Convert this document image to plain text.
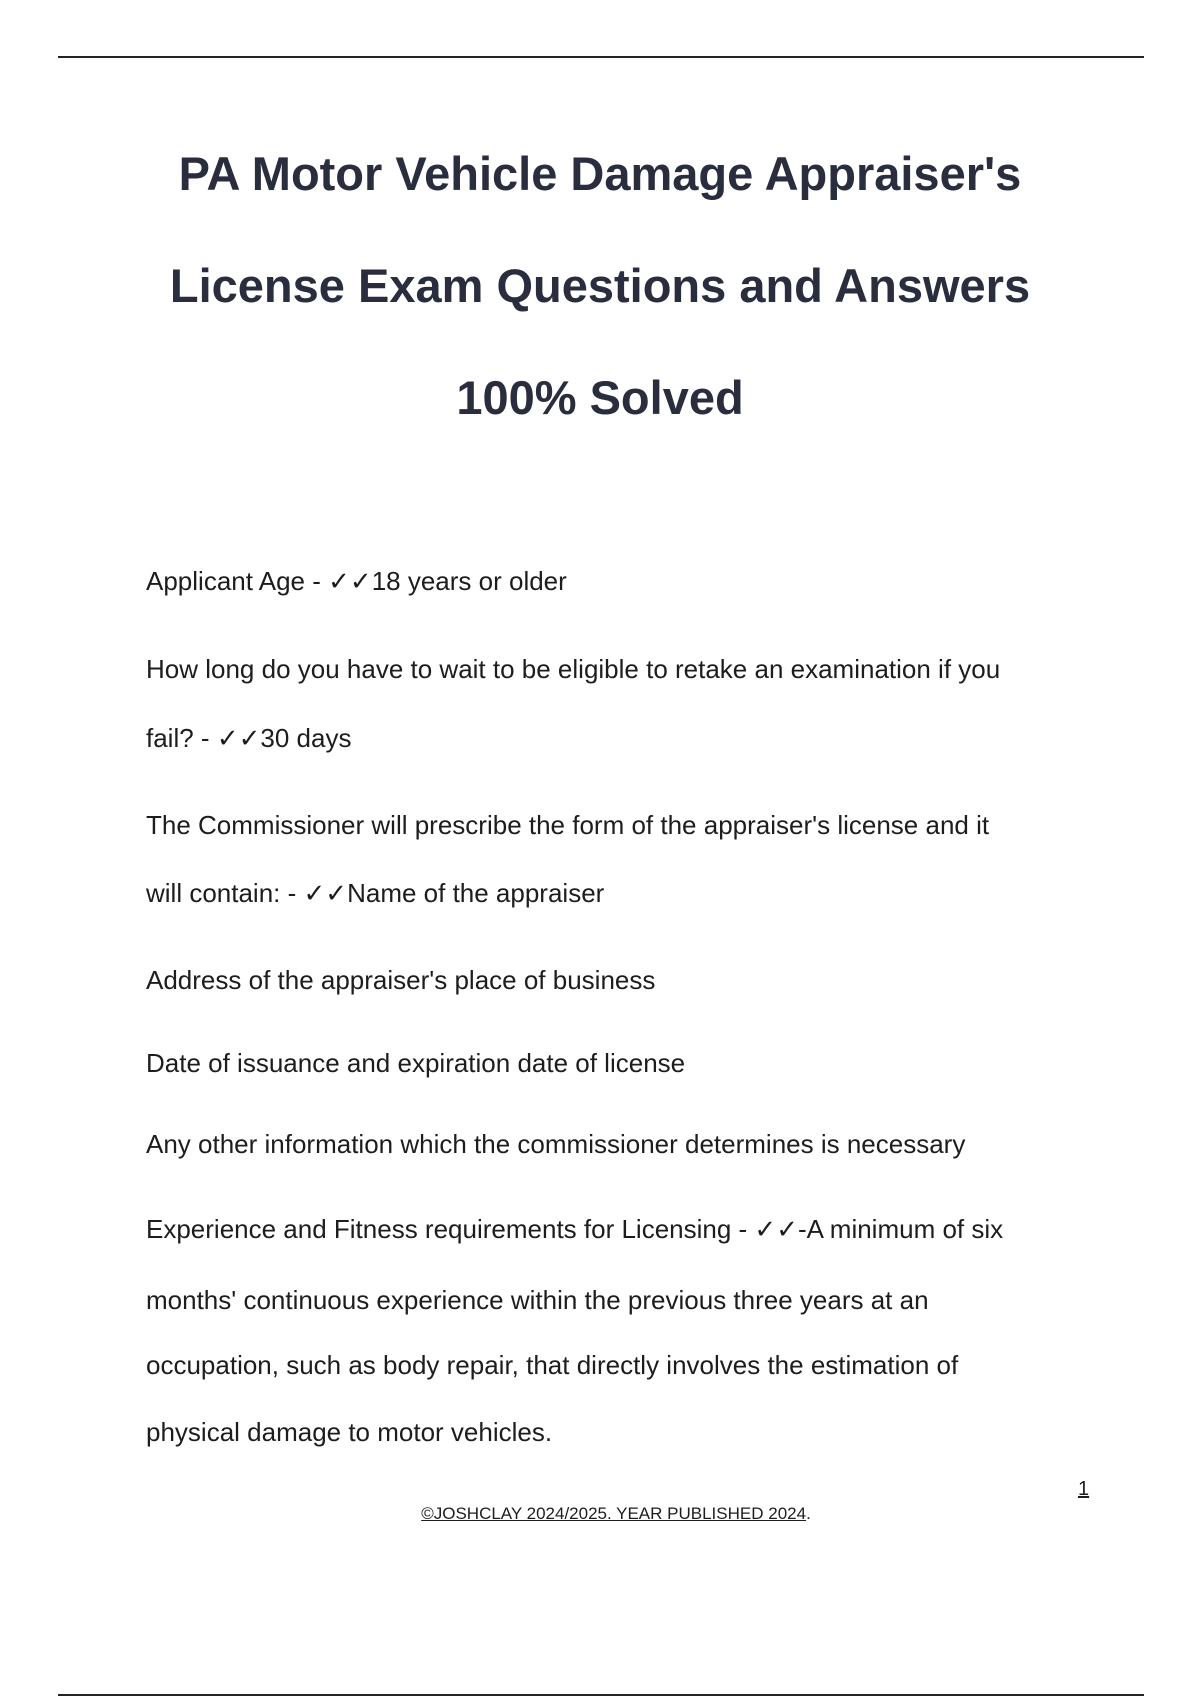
PA Motor Vehicle Damage Appraiser's
License Exam Questions and Answers
100% Solved
Applicant Age - ✓✓18 years or older
How long do you have to wait to be eligible to retake an examination if you
fail? - ✓✓30 days
The Commissioner will prescribe the form of the appraiser's license and it
will contain: - ✓✓Name of the appraiser
Address of the appraiser's place of business
Date of issuance and expiration date of license
Any other information which the commissioner determines is necessary
Experience and Fitness requirements for Licensing - ✓✓-A minimum of six
months' continuous experience within the previous three years at an
occupation, such as body repair, that directly involves the estimation of
physical damage to motor vehicles.
1
©JOSHCLAY 2024/2025. YEAR PUBLISHED 2024.
